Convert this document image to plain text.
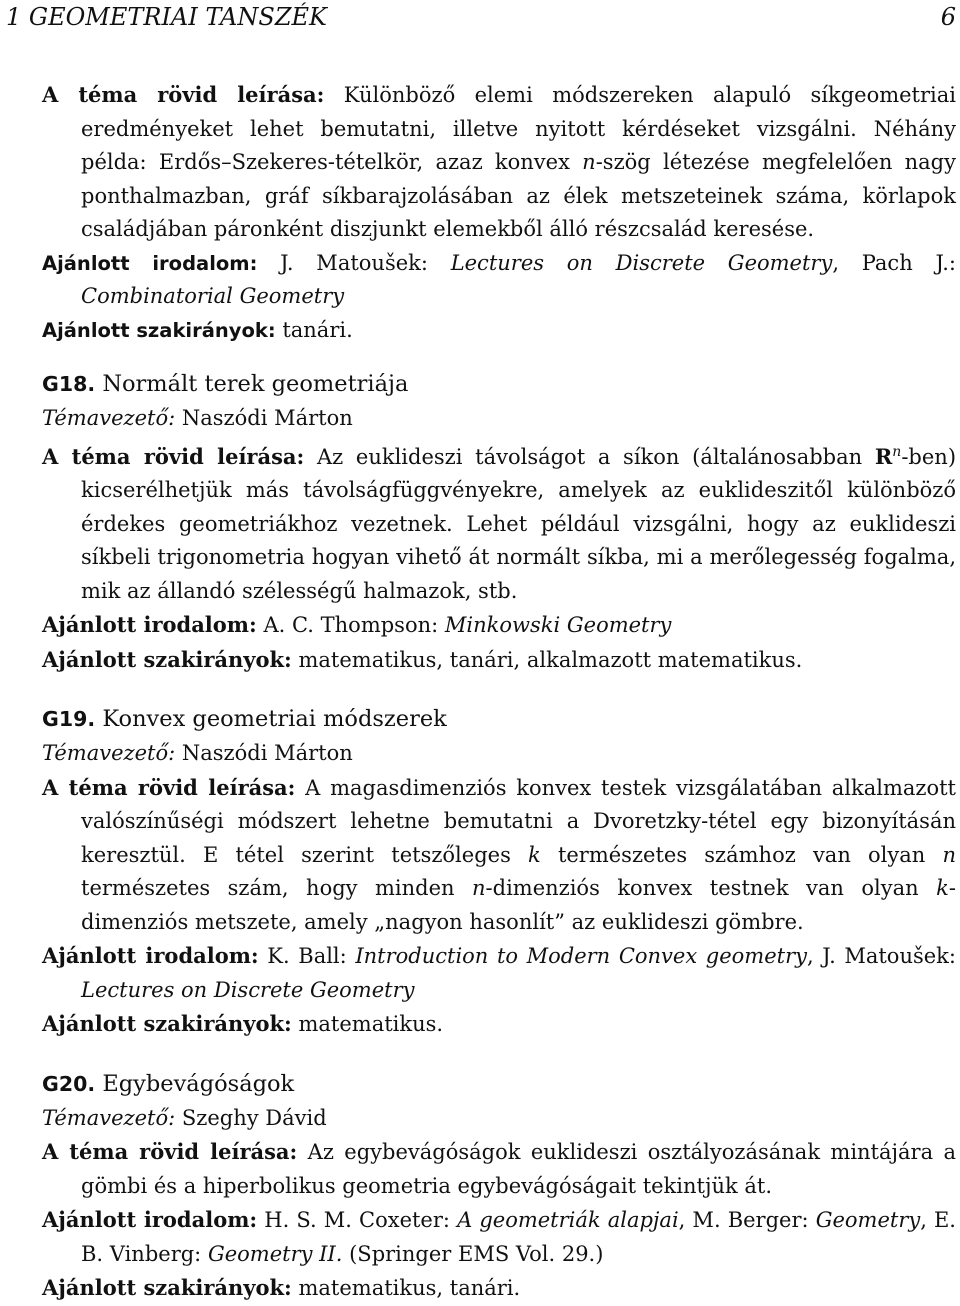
1 GEOMETRIAI TANSZÉK	6
A téma rövid leírása: Különböző elemi módszereken alapuló síkgeometriai eredményeket lehet bemutatni, illetve nyitott kérdéseket vizsgálni. Néhány példa: Erdős–Szekeres-tételkör, azaz konvex n-szög létezése megfelelően nagy ponthalmazban, gráf síkbarajzolásában az élek metszeteinek száma, körlapok családjában páronként diszjunkt elemekből álló részcsalád keresése.
Ajánlott irodalom: J. Matoušek: Lectures on Discrete Geometry, Pach J.: Combinatorial Geometry
Ajánlott szakirányok: tanári.
G18. Normált terek geometriája
Témavezető: Naszódi Márton
A téma rövid leírása: Az euklideszi távolságot a síkon (általánosabban $R^n-ben$) kicserélhetjük más távolságfüggvényekre, amelyek az euklideszitől különböző érdekes geometriákhoz vezetnek. Lehet például vizsgálni, hogy az euklideszi síkbeli trigonometria hogyan vihető át normált síkba, mi a merőlegesség fogalma, mik az állandó szélességű halmazok, stb.
Ajánlott irodalom: A. C. Thompson: Minkowski Geometry
Ajánlott szakirányok: matematikus, tanári, alkalmazott matematikus.
G19. Konvex geometriai módszerek
Témavezető: Naszódi Márton
A téma rövid leírása: A magasdimenziós konvex testek vizsgálatában alkalmazott valószínűségi módszert lehetne bemutatni a Dvoretzky-tétel egy bizonyításán keresztül. E tétel szerint tetszőleges k természetes számhoz van olyan n természetes szám, hogy minden n-dimenziós konvex testnek van olyan k-dimenziós metszete, amely „nagyon hasonlít” az euklideszi gömbre.
Ajánlott irodalom: K. Ball: Introduction to Modern Convex geometry, J. Matoušek: Lectures on Discrete Geometry
Ajánlott szakirányok: matematikus.
G20. Egybevágóságok
Témavezető: Szeghy Dávid
A téma rövid leírása: Az egybevágóságok euklideszi osztályozásának mintájára a gömbi és a hiperbolikus geometria egybevágóságait tekintjük át.
Ajánlott irodalom: H. S. M. Coxeter: A geometriák alapjai, M. Berger: Geometry, E. B. Vinberg: Geometry II. (Springer EMS Vol. 29.)
Ajánlott szakirányok: matematikus, tanári.
